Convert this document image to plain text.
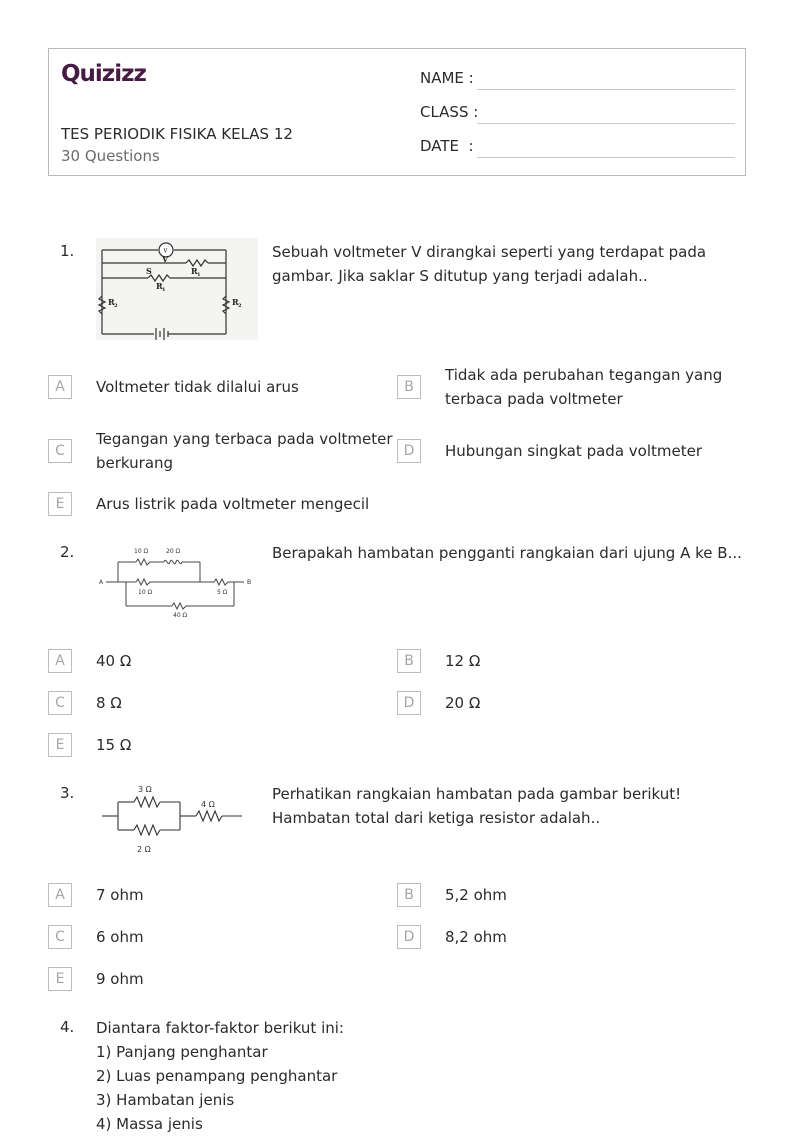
Quizizz
TES PERIODIK FISIKA KELAS 12
30 Questions
NAME :
CLASS :
DATE  :
1.	v
V
S	R 1
R 1
R 2	R 2
Sebuah voltmeter V dirangkai seperti yang terdapat pada gambar. Jika saklar S ditutup yang terjadi adalah..
A	Voltmeter tidak dilalui arus	B
Tidak ada perubahan tegangan yang terbaca pada voltmeter
C
Tegangan yang terbaca pada voltmeter berkurang
D	Hubungan singkat pada voltmeter
E	Arus listrik pada voltmeter mengecil
2.	10 Ω	20 Ω
10 Ω	5 Ω
40 Ω
A	B
Berapakah hambatan pengganti rangkaian dari ujung A ke B...
A	40 Ω	B	12 Ω
C	8 Ω	D	20 Ω
E	15 Ω
3.	3 Ω
4 Ω
2 Ω
Perhatikan rangkaian hambatan pada gambar berikut!
Hambatan total dari ketiga resistor adalah..
A	7 ohm	B	5,2 ohm
C	6 ohm	D	8,2 ohm
E	9 ohm
4. Diantara faktor-faktor berikut ini:
1) Panjang penghantar
2) Luas penampang penghantar
3) Hambatan jenis
4) Massa jenis
